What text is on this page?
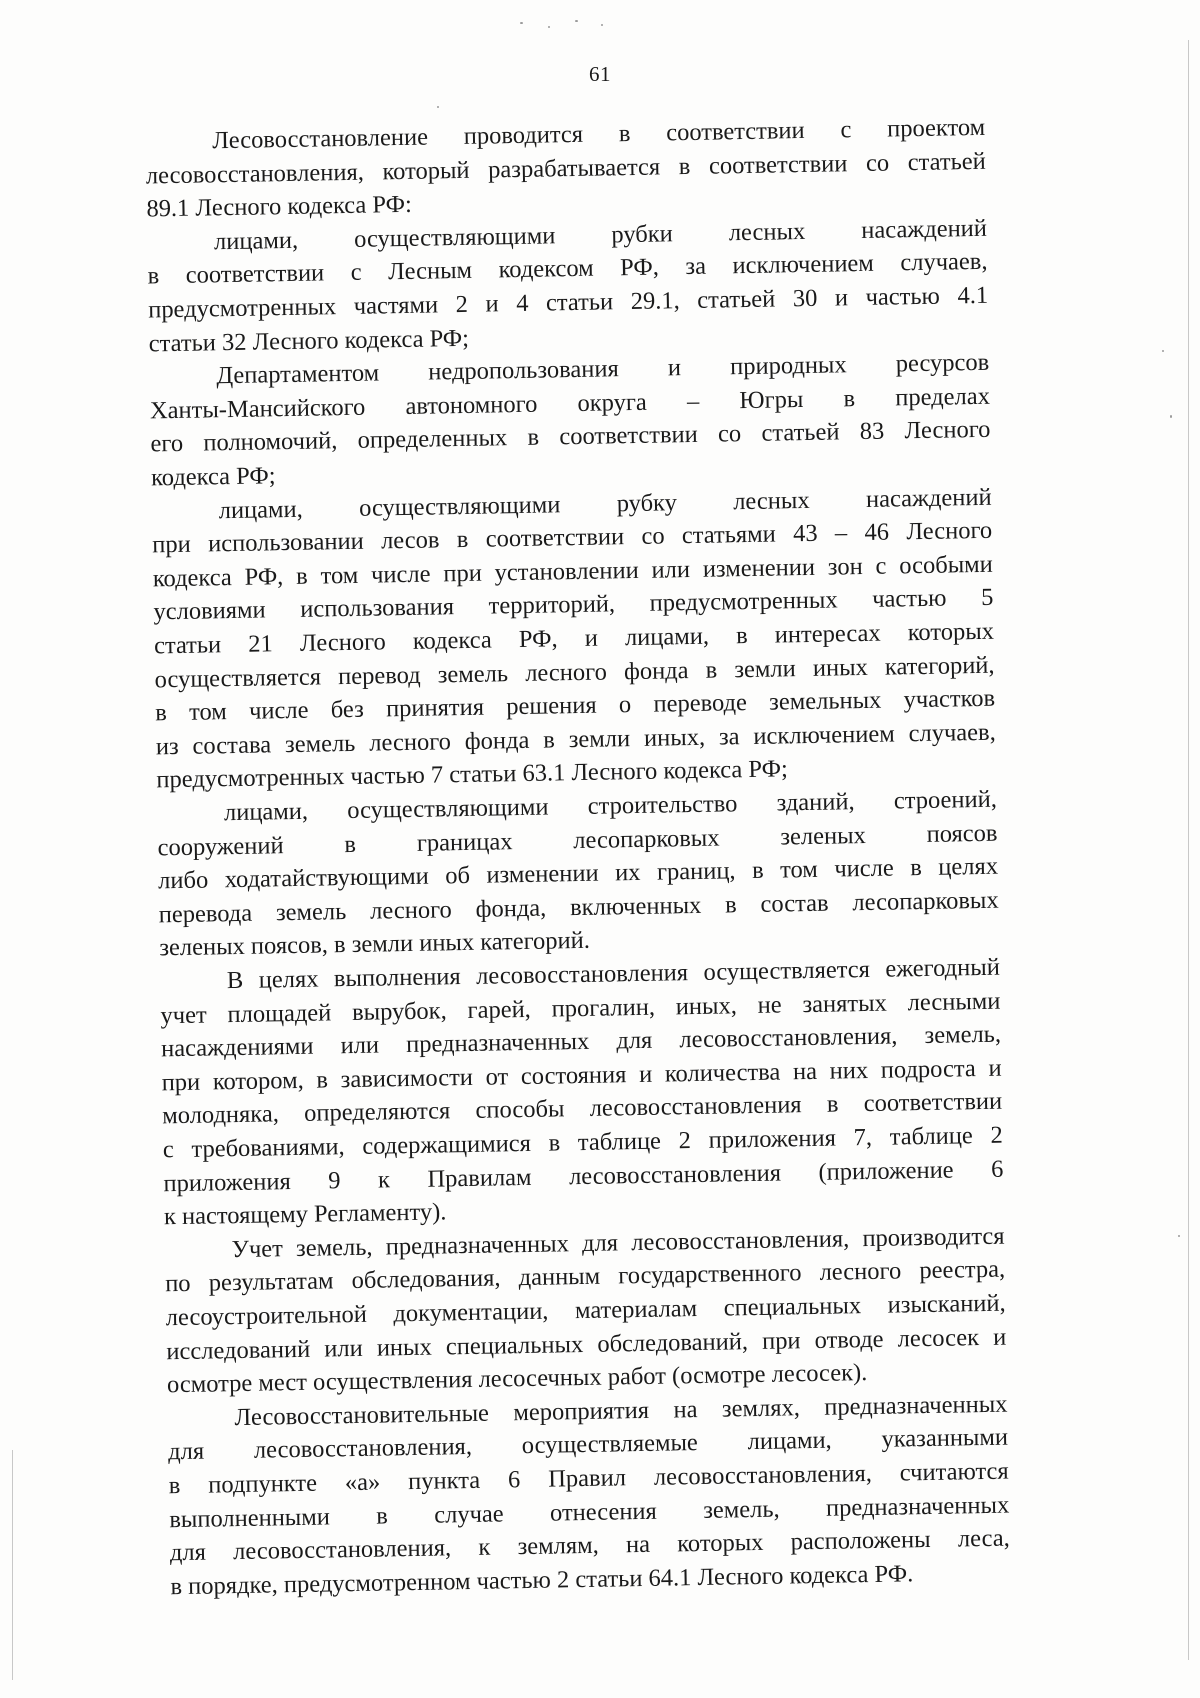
61
Лесовосстановление проводится в соответствии с проектом
лесовосстановления, который разрабатывается в соответствии со статьей
89.1 Лесного кодекса РФ:
лицами, осуществляющими рубки лесных насаждений
в соответствии с Лесным кодексом РФ, за исключением случаев,
предусмотренных частями 2 и 4 статьи 29.1, статьей 30 и частью 4.1
статьи 32 Лесного кодекса РФ;
Департаментом недропользования и природных ресурсов
Ханты-Мансийского автономного округа – Югры в пределах
его полномочий, определенных в соответствии со статьей 83 Лесного
кодекса РФ;
лицами, осуществляющими рубку лесных насаждений
при использовании лесов в соответствии со статьями 43 – 46 Лесного
кодекса РФ, в том числе при установлении или изменении зон с особыми
условиями использования территорий, предусмотренных частью 5
статьи 21 Лесного кодекса РФ, и лицами, в интересах которых
осуществляется перевод земель лесного фонда в земли иных категорий,
в том числе без принятия решения о переводе земельных участков
из состава земель лесного фонда в земли иных, за исключением случаев,
предусмотренных частью 7 статьи 63.1 Лесного кодекса РФ;
лицами, осуществляющими строительство зданий, строений,
сооружений в границах лесопарковых зеленых поясов
либо ходатайствующими об изменении их границ, в том числе в целях
перевода земель лесного фонда, включенных в состав лесопарковых
зеленых поясов, в земли иных категорий.
В целях выполнения лесовосстановления осуществляется ежегодный
учет площадей вырубок, гарей, прогалин, иных, не занятых лесными
насаждениями или предназначенных для лесовосстановления, земель,
при котором, в зависимости от состояния и количества на них подроста и
молодняка, определяются способы лесовосстановления в соответствии
с требованиями, содержащимися в таблице 2 приложения 7, таблице 2
приложения 9 к Правилам лесовосстановления (приложение 6
к настоящему Регламенту).
Учет земель, предназначенных для лесовосстановления, производится
по результатам обследования, данным государственного лесного реестра,
лесоустроительной документации, материалам специальных изысканий,
исследований или иных специальных обследований, при отводе лесосек и
осмотре мест осуществления лесосечных работ (осмотре лесосек).
Лесовосстановительные мероприятия на землях, предназначенных
для лесовосстановления, осуществляемые лицами, указанными
в подпункте «а» пункта 6 Правил лесовосстановления, считаются
выполненными в случае отнесения земель, предназначенных
для лесовосстановления, к землям, на которых расположены леса,
в порядке, предусмотренном частью 2 статьи 64.1 Лесного кодекса РФ.
